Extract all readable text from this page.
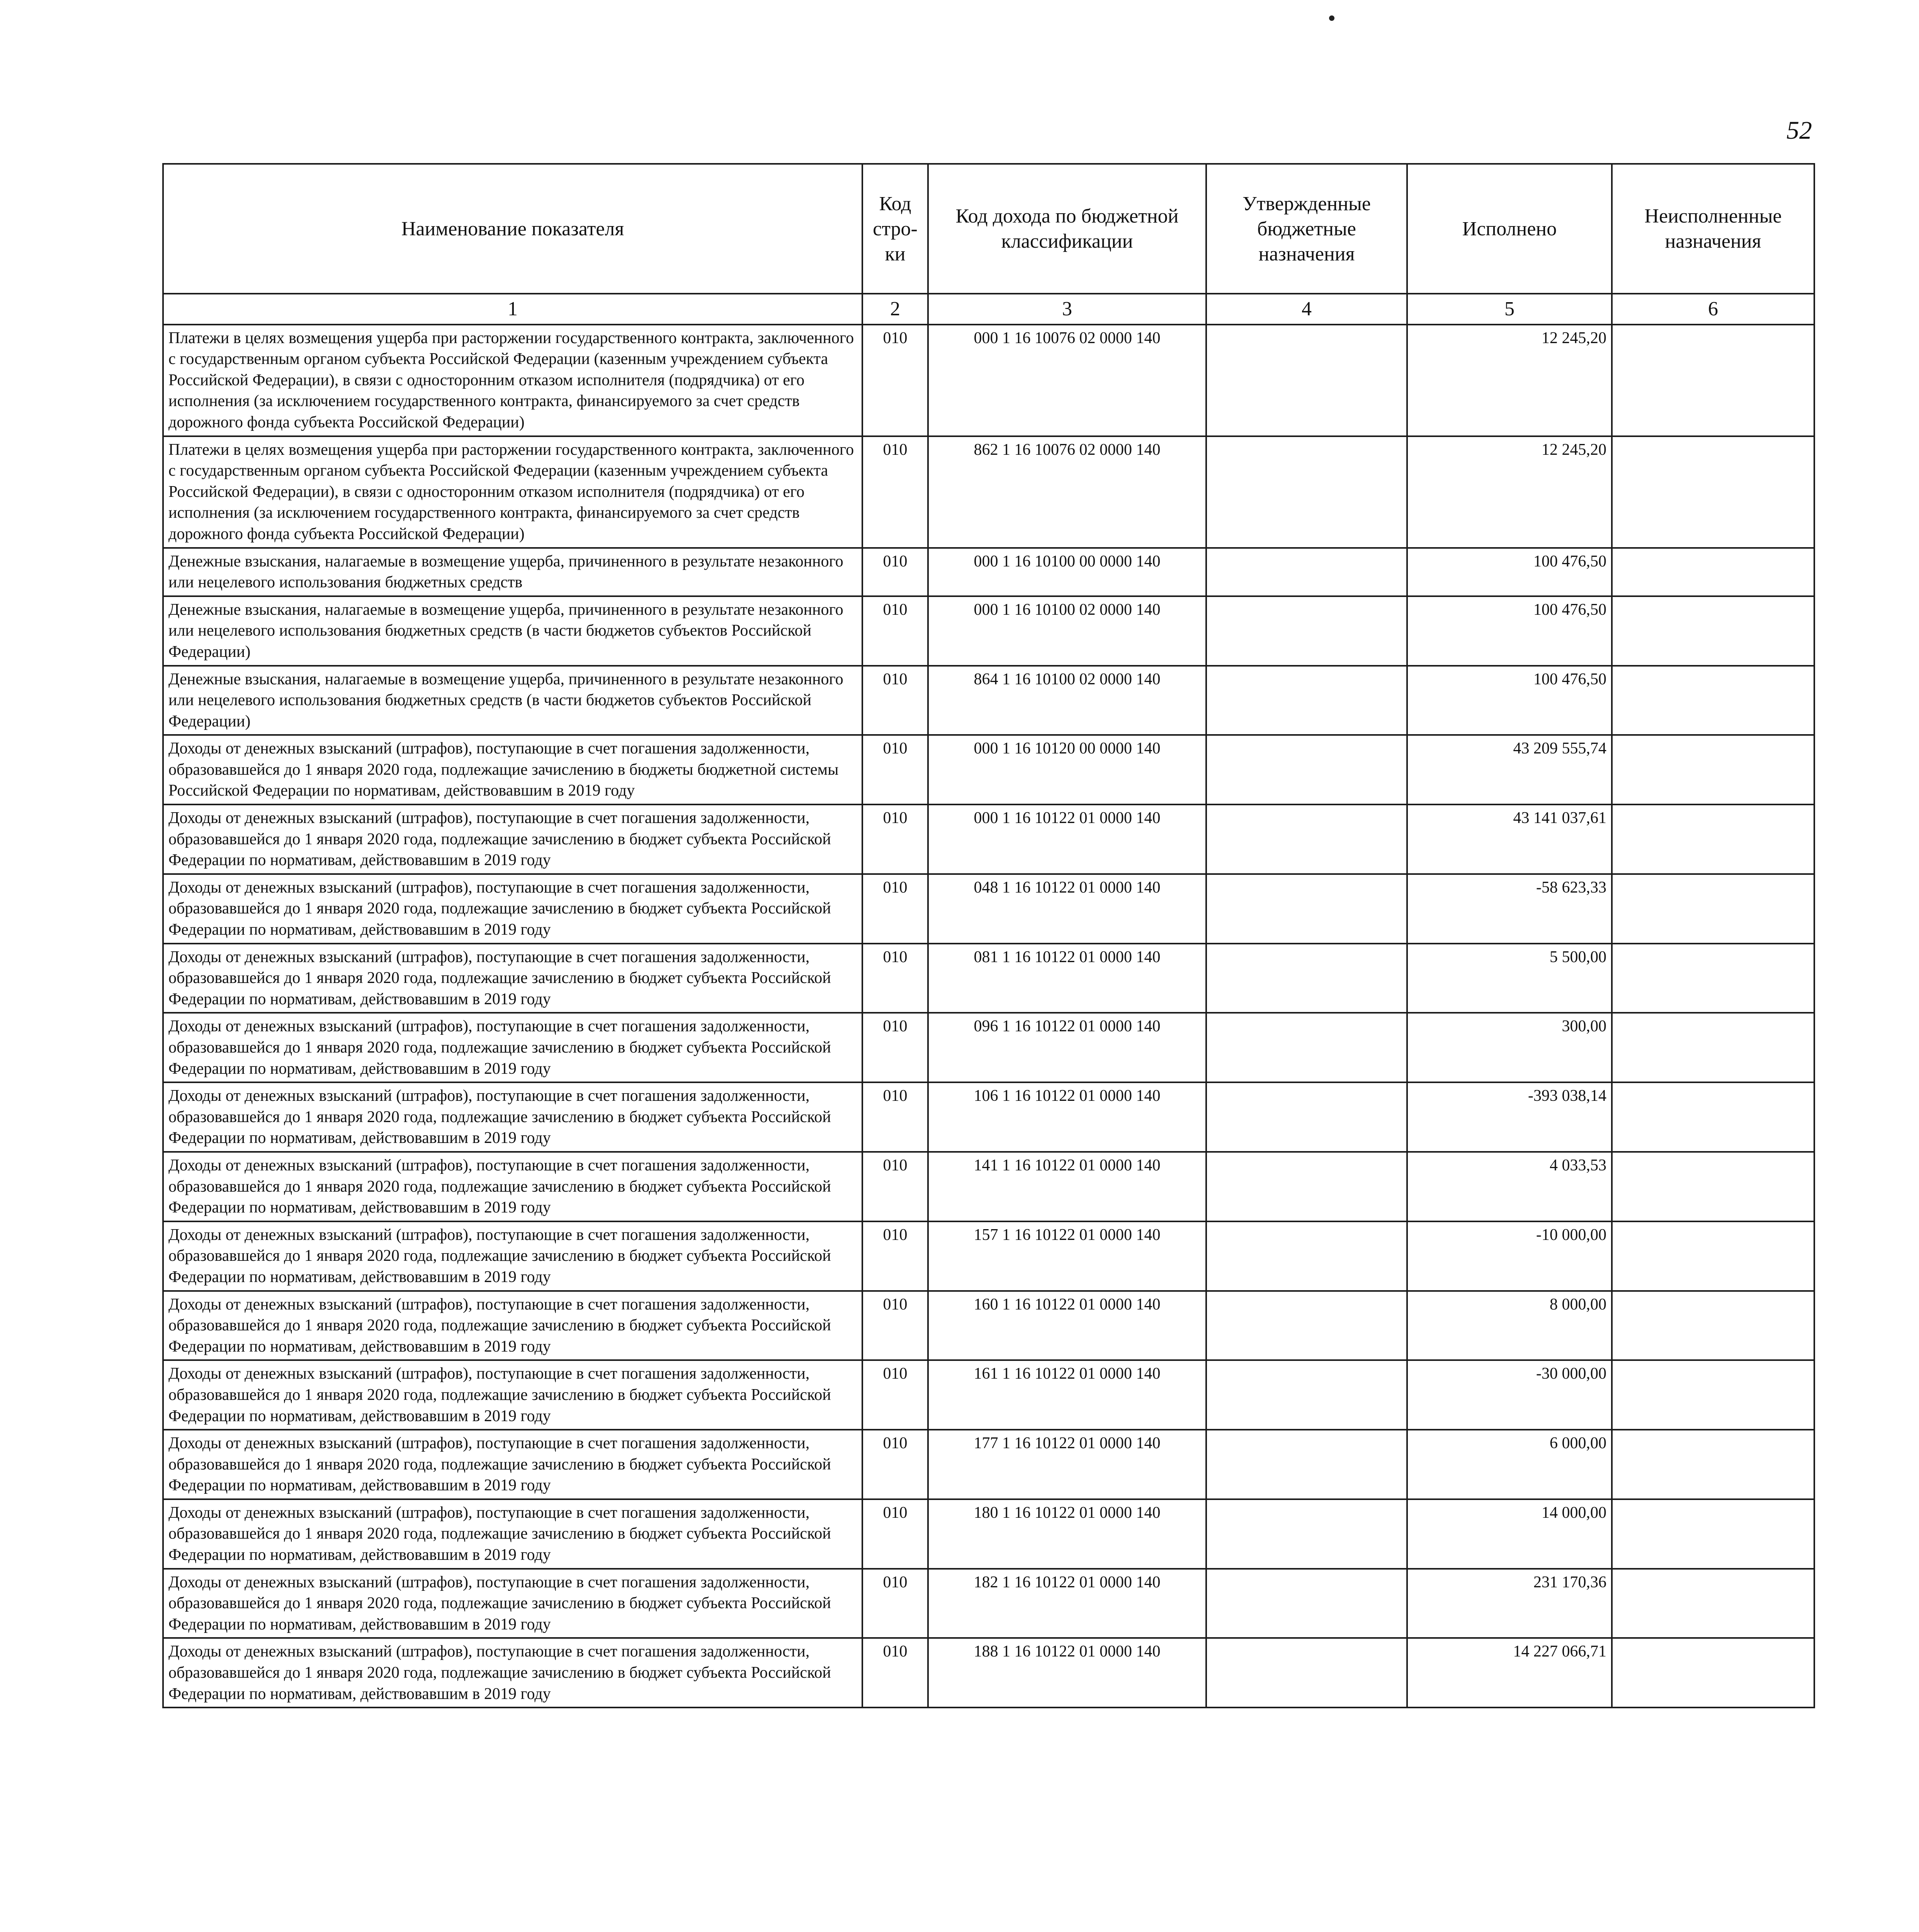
52
Наименование показателя	Код стро-ки	Код дохода по бюджетной классификации	Утвержденные бюджетные назначения	Исполнено	Неисполненные назначения
1	2	3	4	5	6
Платежи в целях возмещения ущерба при расторжении государственного контракта, заключенного с государственным органом субъекта Российской Федерации (казенным учреждением субъекта Российской Федерации), в связи с односторонним отказом исполнителя (подрядчика) от его исполнения (за исключением государственного контракта, финансируемого за счет средств дорожного фонда субъекта Российской Федерации)	010	000 1 16 10076 02 0000 140		12 245,20	
Платежи в целях возмещения ущерба при расторжении государственного контракта, заключенного с государственным органом субъекта Российской Федерации (казенным учреждением субъекта Российской Федерации), в связи с односторонним отказом исполнителя (подрядчика) от его исполнения (за исключением государственного контракта, финансируемого за счет средств дорожного фонда субъекта Российской Федерации)	010	862 1 16 10076 02 0000 140		12 245,20	
Денежные взыскания, налагаемые в возмещение ущерба, причиненного в результате незаконного или нецелевого использования бюджетных средств	010	000 1 16 10100 00 0000 140		100 476,50	
Денежные взыскания, налагаемые в возмещение ущерба, причиненного в результате незаконного или нецелевого использования бюджетных средств (в части бюджетов субъектов Российской Федерации)	010	000 1 16 10100 02 0000 140		100 476,50	
Денежные взыскания, налагаемые в возмещение ущерба, причиненного в результате незаконного или нецелевого использования бюджетных средств (в части бюджетов субъектов Российской Федерации)	010	864 1 16 10100 02 0000 140		100 476,50	
Доходы от денежных взысканий (штрафов), поступающие в счет погашения задолженности, образовавшейся до 1 января 2020 года, подлежащие зачислению в бюджеты бюджетной системы Российской Федерации по нормативам, действовавшим в 2019 году	010	000 1 16 10120 00 0000 140		43 209 555,74	
Доходы от денежных взысканий (штрафов), поступающие в счет погашения задолженности, образовавшейся до 1 января 2020 года, подлежащие зачислению в бюджет субъекта Российской Федерации по нормативам, действовавшим в 2019 году	010	000 1 16 10122 01 0000 140		43 141 037,61	
Доходы от денежных взысканий (штрафов), поступающие в счет погашения задолженности, образовавшейся до 1 января 2020 года, подлежащие зачислению в бюджет субъекта Российской Федерации по нормативам, действовавшим в 2019 году	010	048 1 16 10122 01 0000 140		-58 623,33	
Доходы от денежных взысканий (штрафов), поступающие в счет погашения задолженности, образовавшейся до 1 января 2020 года, подлежащие зачислению в бюджет субъекта Российской Федерации по нормативам, действовавшим в 2019 году	010	081 1 16 10122 01 0000 140		5 500,00	
Доходы от денежных взысканий (штрафов), поступающие в счет погашения задолженности, образовавшейся до 1 января 2020 года, подлежащие зачислению в бюджет субъекта Российской Федерации по нормативам, действовавшим в 2019 году	010	096 1 16 10122 01 0000 140		300,00	
Доходы от денежных взысканий (штрафов), поступающие в счет погашения задолженности, образовавшейся до 1 января 2020 года, подлежащие зачислению в бюджет субъекта Российской Федерации по нормативам, действовавшим в 2019 году	010	106 1 16 10122 01 0000 140		-393 038,14	
Доходы от денежных взысканий (штрафов), поступающие в счет погашения задолженности, образовавшейся до 1 января 2020 года, подлежащие зачислению в бюджет субъекта Российской Федерации по нормативам, действовавшим в 2019 году	010	141 1 16 10122 01 0000 140		4 033,53	
Доходы от денежных взысканий (штрафов), поступающие в счет погашения задолженности, образовавшейся до 1 января 2020 года, подлежащие зачислению в бюджет субъекта Российской Федерации по нормативам, действовавшим в 2019 году	010	157 1 16 10122 01 0000 140		-10 000,00	
Доходы от денежных взысканий (штрафов), поступающие в счет погашения задолженности, образовавшейся до 1 января 2020 года, подлежащие зачислению в бюджет субъекта Российской Федерации по нормативам, действовавшим в 2019 году	010	160 1 16 10122 01 0000 140		8 000,00	
Доходы от денежных взысканий (штрафов), поступающие в счет погашения задолженности, образовавшейся до 1 января 2020 года, подлежащие зачислению в бюджет субъекта Российской Федерации по нормативам, действовавшим в 2019 году	010	161 1 16 10122 01 0000 140		-30 000,00	
Доходы от денежных взысканий (штрафов), поступающие в счет погашения задолженности, образовавшейся до 1 января 2020 года, подлежащие зачислению в бюджет субъекта Российской Федерации по нормативам, действовавшим в 2019 году	010	177 1 16 10122 01 0000 140		6 000,00	
Доходы от денежных взысканий (штрафов), поступающие в счет погашения задолженности, образовавшейся до 1 января 2020 года, подлежащие зачислению в бюджет субъекта Российской Федерации по нормативам, действовавшим в 2019 году	010	180 1 16 10122 01 0000 140		14 000,00	
Доходы от денежных взысканий (штрафов), поступающие в счет погашения задолженности, образовавшейся до 1 января 2020 года, подлежащие зачислению в бюджет субъекта Российской Федерации по нормативам, действовавшим в 2019 году	010	182 1 16 10122 01 0000 140		231 170,36	
Доходы от денежных взысканий (штрафов), поступающие в счет погашения задолженности, образовавшейся до 1 января 2020 года, подлежащие зачислению в бюджет субъекта Российской Федерации по нормативам, действовавшим в 2019 году	010	188 1 16 10122 01 0000 140		14 227 066,71	
